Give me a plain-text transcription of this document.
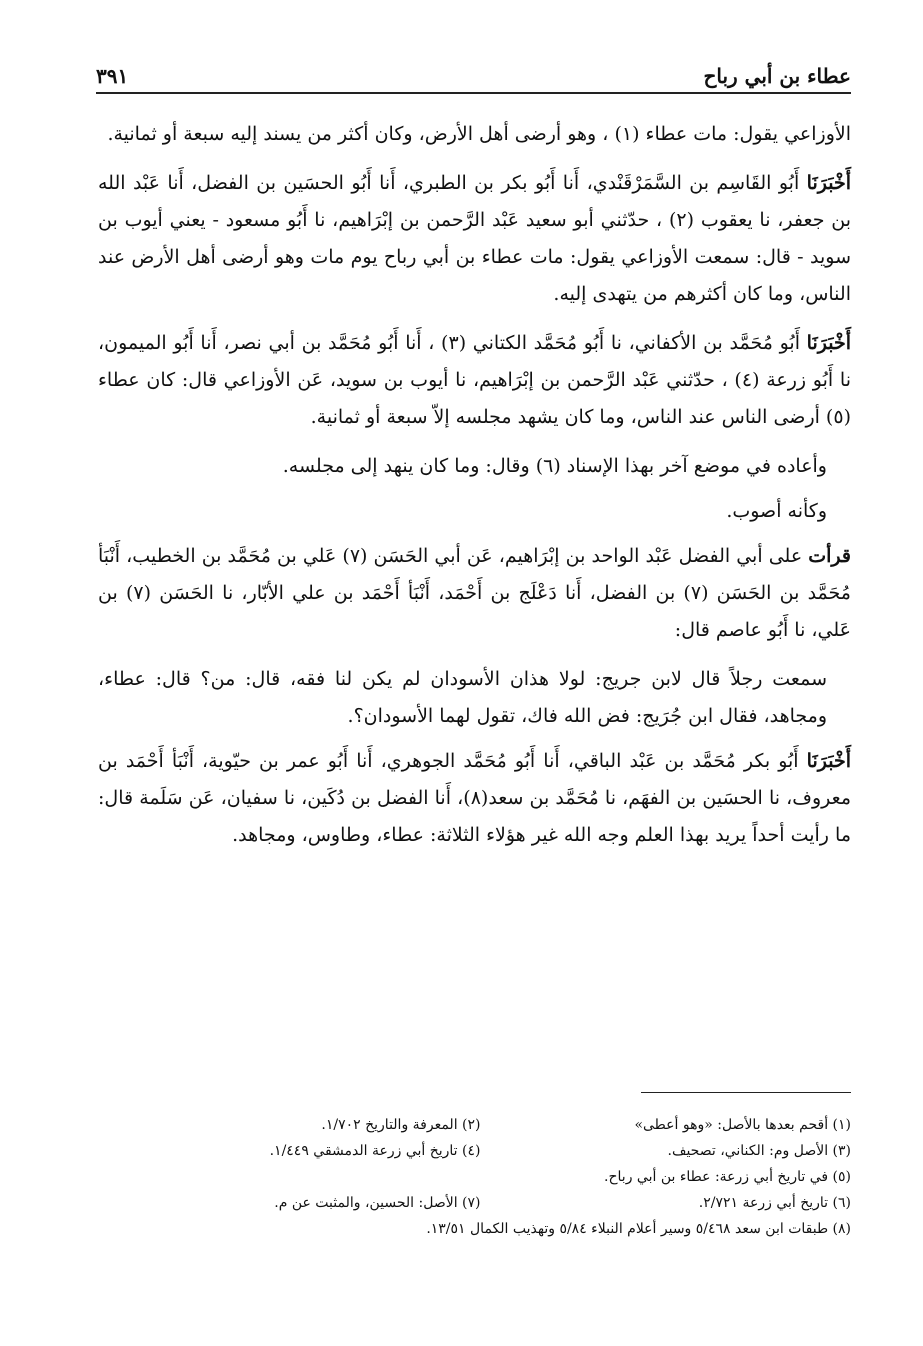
عطاء بن أبي رباح
٣٩١

الأوزاعي يقول: مات عطاء (١) ، وهو أرضى أهل الأرض، وكان أكثر من يسند إليه سبعة أو ثمانية.

أَخْبَرَنَا أَبُو القَاسِم بن السَّمَرْقَنْدي، أَنا أَبُو بكر بن الطبري، أَنا أَبُو الحسَين بن الفضل، أَنا عَبْد الله بن جعفر، نا يعقوب (٢) ، حدّثني أبو سعيد عَبْد الرَّحمن بن إبْرَاهيم، نا أَبُو مسعود - يعني أيوب بن سويد - قال: سمعت الأوزاعي يقول: مات عطاء بن أبي رباح يوم مات وهو أرضى أهل الأرض عند الناس، وما كان أكثرهم من يتهدى إليه.

أَخْبَرَنَا أَبُو مُحَمَّد بن الأكفاني، نا أَبُو مُحَمَّد الكتاني (٣) ، أَنا أَبُو مُحَمَّد بن أبي نصر، أَنا أَبُو الميمون، نا أَبُو زرعة (٤) ، حدّثني عَبْد الرَّحمن بن إبْرَاهيم، نا أيوب بن سويد، عَن الأوزاعي قال: كان عطاء (٥) أرضى الناس عند الناس، وما كان يشهد مجلسه إلاّ سبعة أو ثمانية.

وأعاده في موضع آخر بهذا الإسناد (٦) وقال: وما كان ينهد إلى مجلسه.

وكأنه أصوب.

قرأت على أبي الفضل عَبْد الواحد بن إبْرَاهيم، عَن أبي الحَسَن (٧) عَلي بن مُحَمَّد بن الخطيب، أَنْبَأ مُحَمَّد بن الحَسَن (٧) بن الفضل، أَنا دَعْلَج بن أَحْمَد، أَنْبَأ أَحْمَد بن علي الأبّار، نا الحَسَن (٧) بن عَلي، نا أَبُو عاصم قال:

سمعت رجلاً قال لابن جريج: لولا هذان الأسودان لم يكن لنا فقه، قال: من؟ قال: عطاء، ومجاهد، فقال ابن جُرَيج: فض الله فاك، تقول لهما الأسودان؟.

أَخْبَرَنَا أَبُو بكر مُحَمَّد بن عَبْد الباقي، أَنا أَبُو مُحَمَّد الجوهري، أَنا أَبُو عمر بن حيّوية، أَنْبَأ أَحْمَد بن معروف، نا الحسَين بن الفهَم، نا مُحَمَّد بن سعد(٨)، أَنا الفضل بن دُكَين، نا سفيان، عَن سَلَمة قال: ما رأيت أحداً يريد بهذا العلم وجه الله غير هؤلاء الثلاثة: عطاء، وطاوس، ومجاهد.

(١) أقحم بعدها بالأصل: «وهو أعطى»
(٢) المعرفة والتاريخ ١/٧٠٢.
(٣) الأصل وم: الكناني، تصحيف.
(٤) تاريخ أبي زرعة الدمشقي ١/٤٤٩.
(٥) في تاريخ أبي زرعة: عطاء بن أبي رباح.
(٦) تاريخ أبي زرعة ٢/٧٢١.
(٧) الأصل: الحسين، والمثبت عن م.
(٨) طبقات ابن سعد ٥/٤٦٨ وسير أعلام النبلاء ٥/٨٤ وتهذيب الكمال ١٣/٥١.
